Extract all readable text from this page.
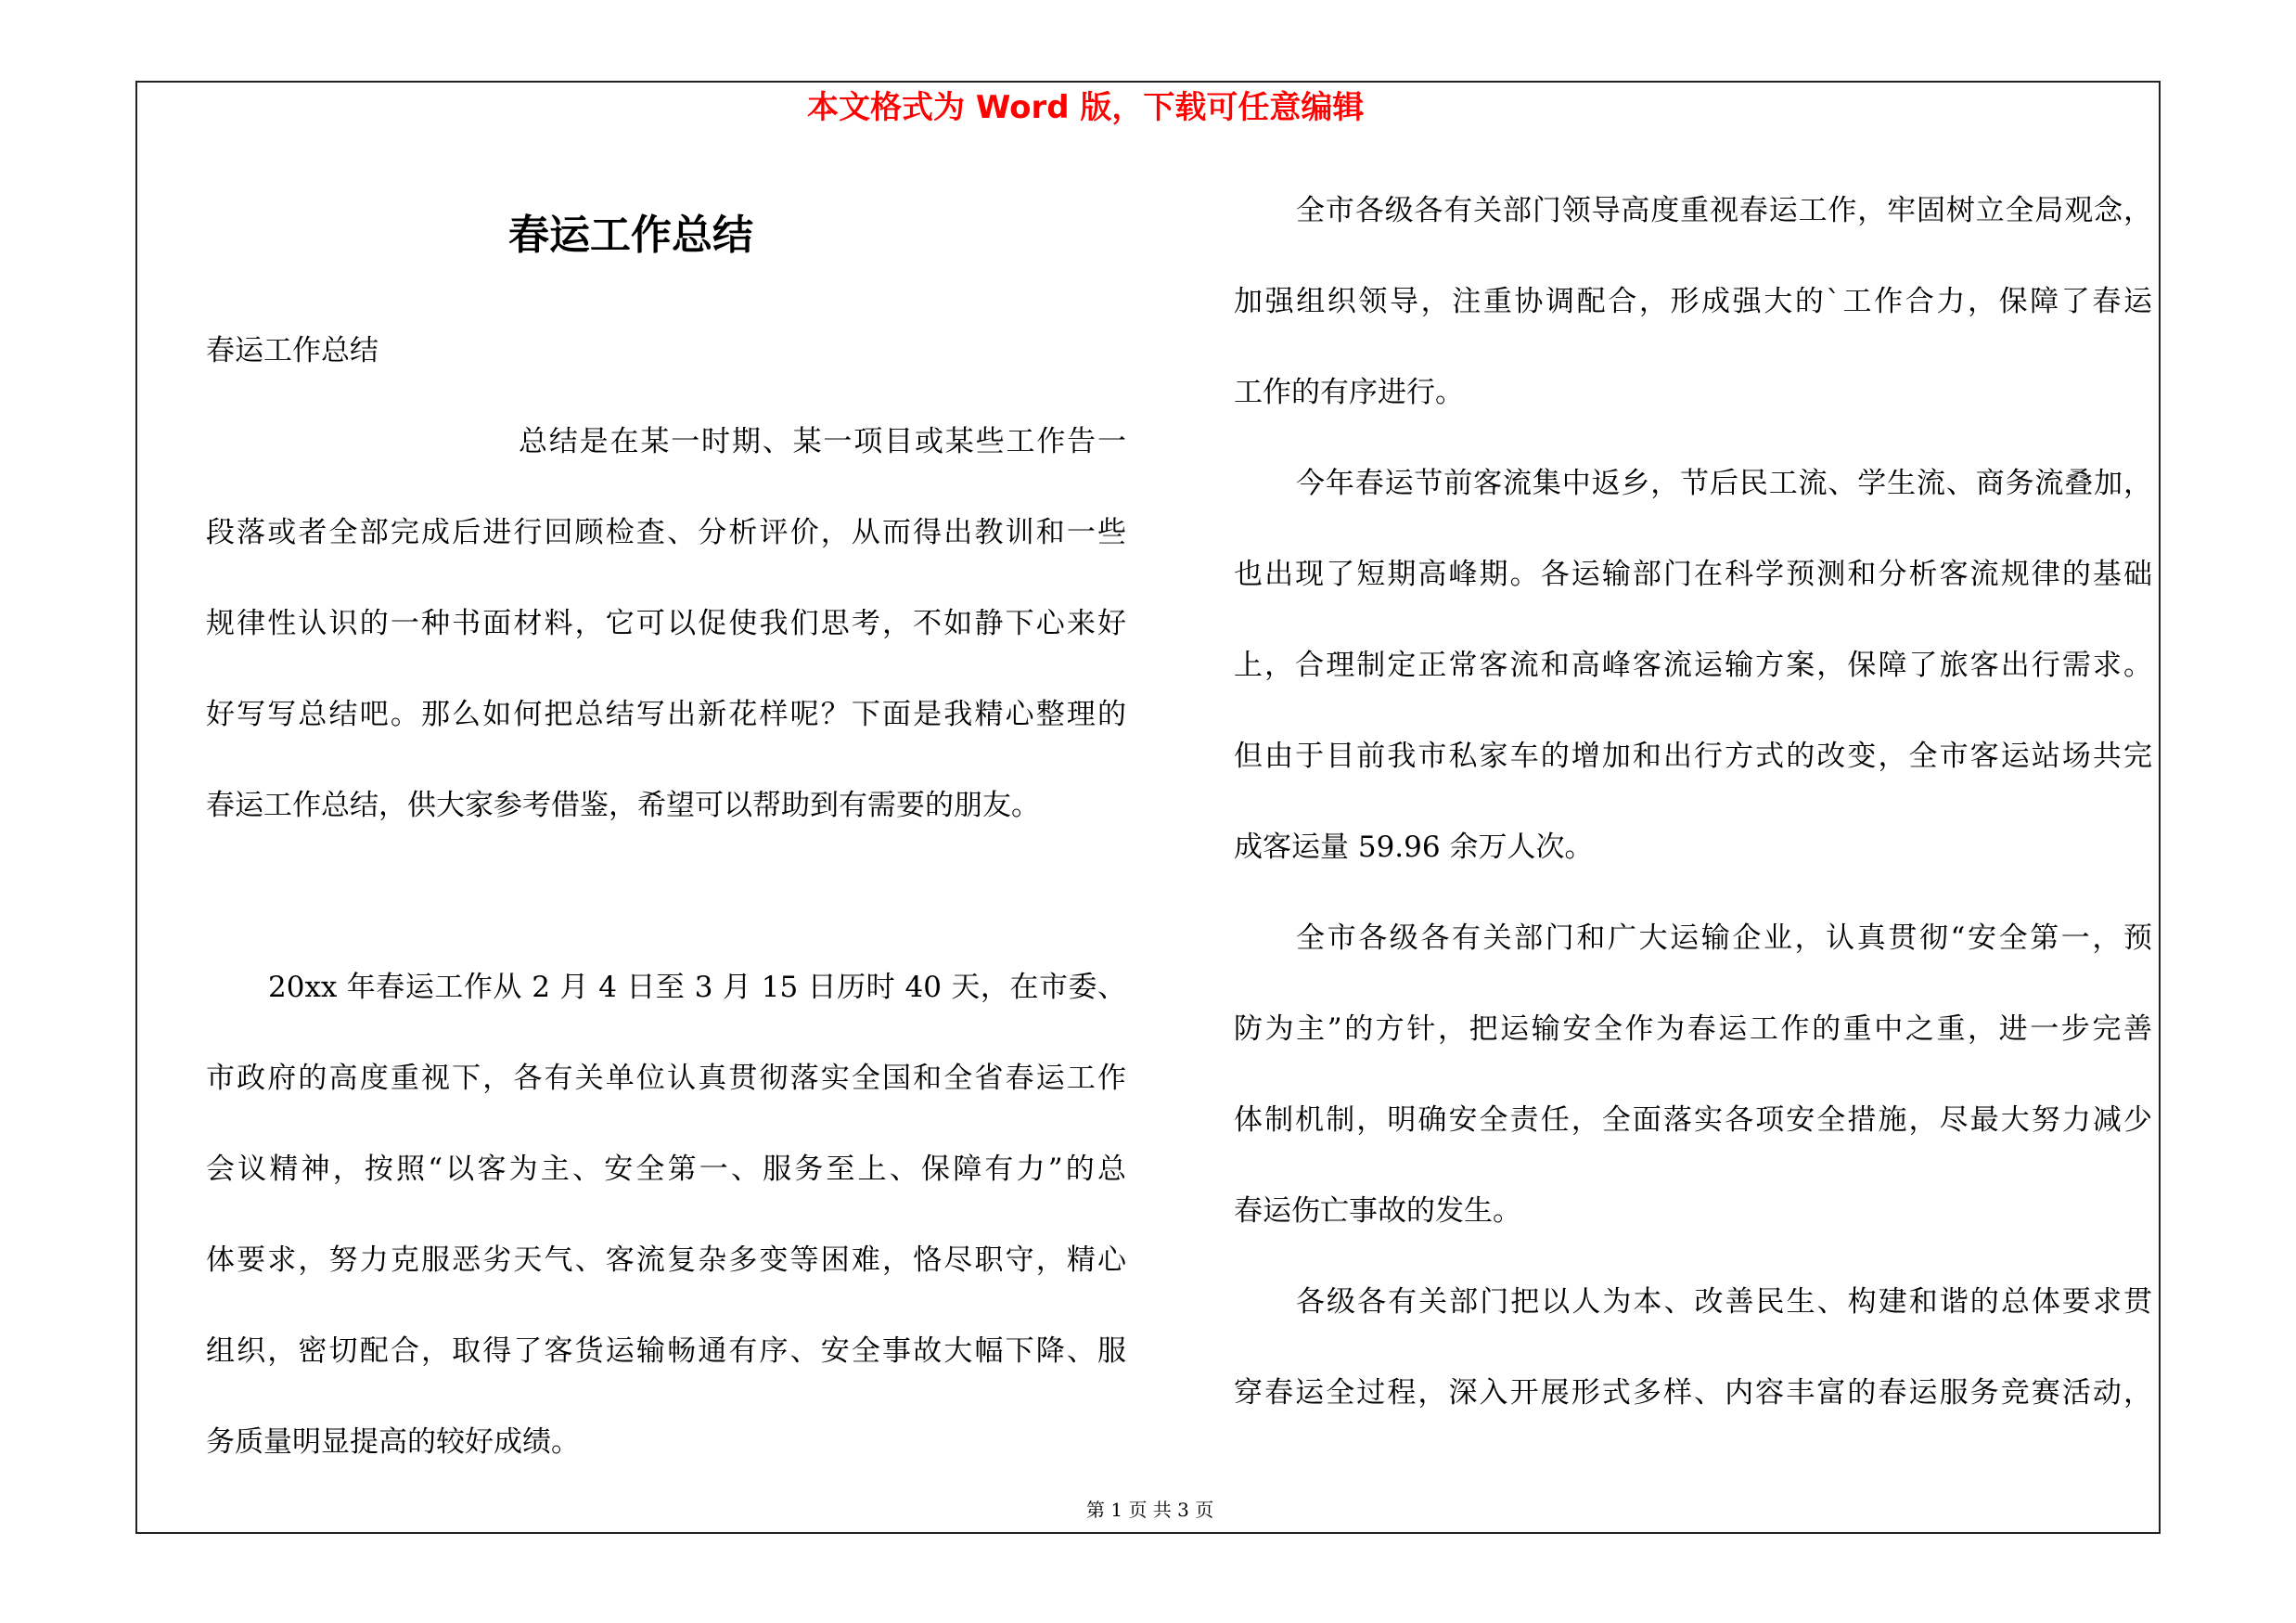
本文格式为 Word 版，下载可任意编辑
春运工作总结
春运工作总结
总结是在某一时期、某一项目或某些工作告一
段落或者全部完成后进行回顾检查、分析评价，从而得出教训和一些
规律性认识的一种书面材料，它可以促使我们思考，不如静下心来好
好写写总结吧。那么如何把总结写出新花样呢？下面是我精心整理的
春运工作总结，供大家参考借鉴，希望可以帮助到有需要的朋友。
20xx 年春运工作从 2 月 4 日至 3 月 15 日历时 40 天，在市委、
市政府的高度重视下，各有关单位认真贯彻落实全国和全省春运工作
会议精神，按照“以客为主、安全第一、服务至上、保障有力”的总
体要求，努力克服恶劣天气、客流复杂多变等困难，恪尽职守，精心
组织，密切配合，取得了客货运输畅通有序、安全事故大幅下降、服
务质量明显提高的较好成绩。
全市各级各有关部门领导高度重视春运工作，牢固树立全局观念，
加强组织领导，注重协调配合，形成强大的`工作合力，保障了春运
工作的有序进行。
今年春运节前客流集中返乡，节后民工流、学生流、商务流叠加，
也出现了短期高峰期。各运输部门在科学预测和分析客流规律的基础
上，合理制定正常客流和高峰客流运输方案，保障了旅客出行需求。
但由于目前我市私家车的增加和出行方式的改变，全市客运站场共完
成客运量 59.96 余万人次。
全市各级各有关部门和广大运输企业，认真贯彻“安全第一，预
防为主”的方针，把运输安全作为春运工作的重中之重，进一步完善
体制机制，明确安全责任，全面落实各项安全措施，尽最大努力减少
春运伤亡事故的发生。
各级各有关部门把以人为本、改善民生、构建和谐的总体要求贯
穿春运全过程，深入开展形式多样、内容丰富的春运服务竞赛活动，
第 1 页 共 3 页
